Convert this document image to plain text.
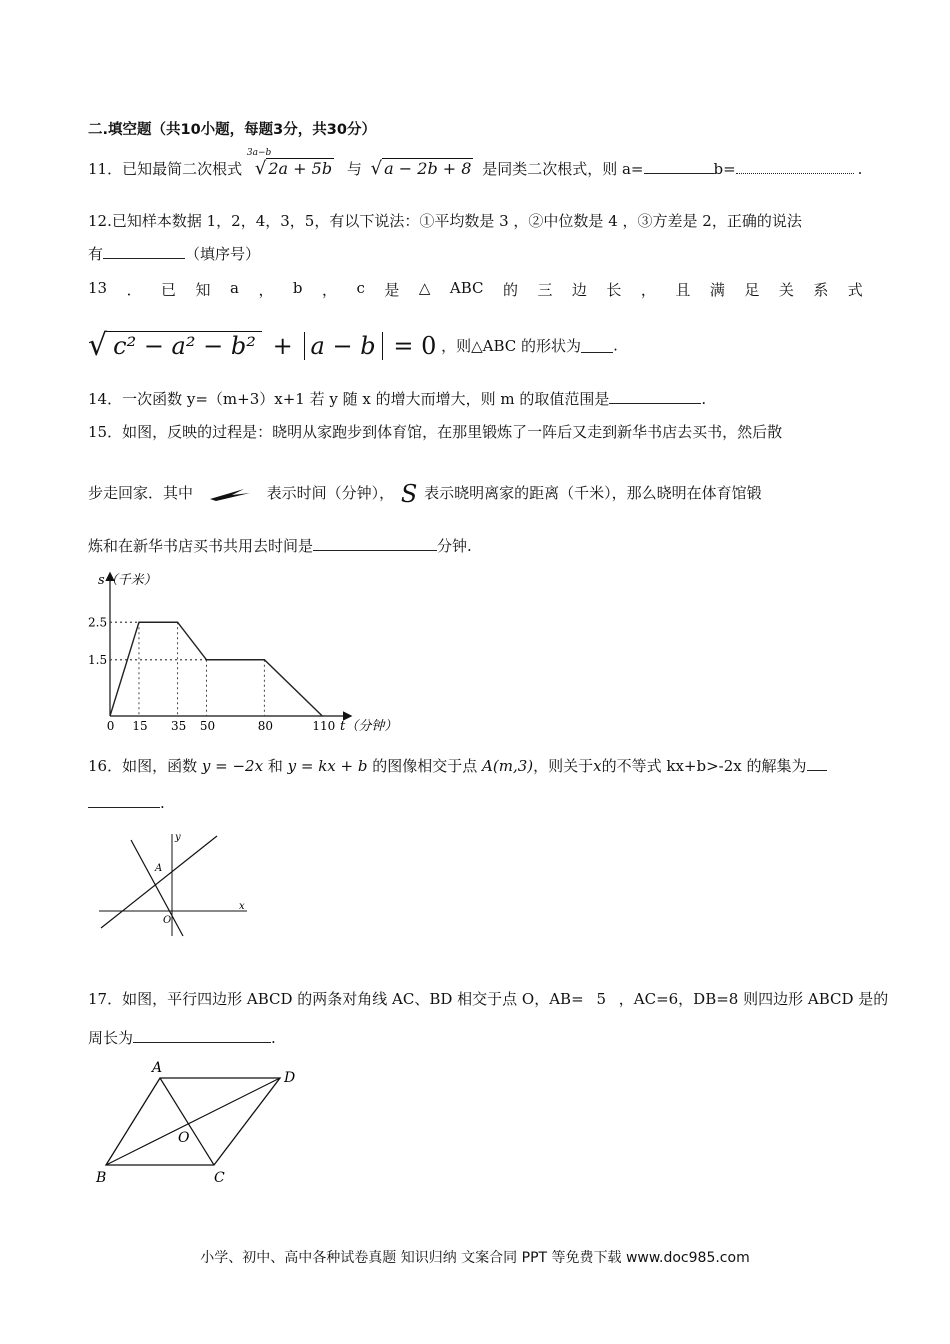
二.填空题（共10小题，每题3分，共30分）
11．已知最简二次根式
3a−b
√ 2a + 5b 与 √ a − 2b + 8 是同类二次根式，则 a=	b=	.
12.已知样本数据 1，2，4，3，5，有以下说法：①平均数是 3 ，②中位数是 4 ，③方差是 2，正确的说法
有	（填序号）
13 ． 已 知 a ， b ， c 是 △ ABC 的 三 边 长 ， 且 满 足 关 系 式
√ c² − a² − b² + a − b = 0 ，则△ABC 的形状为 .
14．一次函数 y=（m+3）x+1 若 y 随 x 的增大而增大，则 m 的取值范围是	.
15．如图，反映的过程是：晓明从家跑步到体育馆，在那里锻炼了一阵后又走到新华书店去买书，然后散
步走回家．其中	表示时间（分钟）， S 表示晓明离家的距离（千米），那么晓明在体育馆锻
炼和在新华书店买书共用去时间是	分钟.
s（千米）
t（分钟）
0 15 35 50	80	110
1.5
2.5
16．如图，函数 y = −2x 和 y = kx + b 的图像相交于点 A(m,3)，则关于x的不等式 kx+b>-2x 的解集为
.
y
x
O
A
17．如图，平行四边形 ABCD 的两条对角线 AC、BD 相交于点 O，AB= 5 ，AC=6，DB=8 则四边形 ABCD 是的
周长为	.
A
D
B	C
O
小学、初中、高中各种试卷真题 知识归纳 文案合同 PPT 等免费下载 www.doc985.com
